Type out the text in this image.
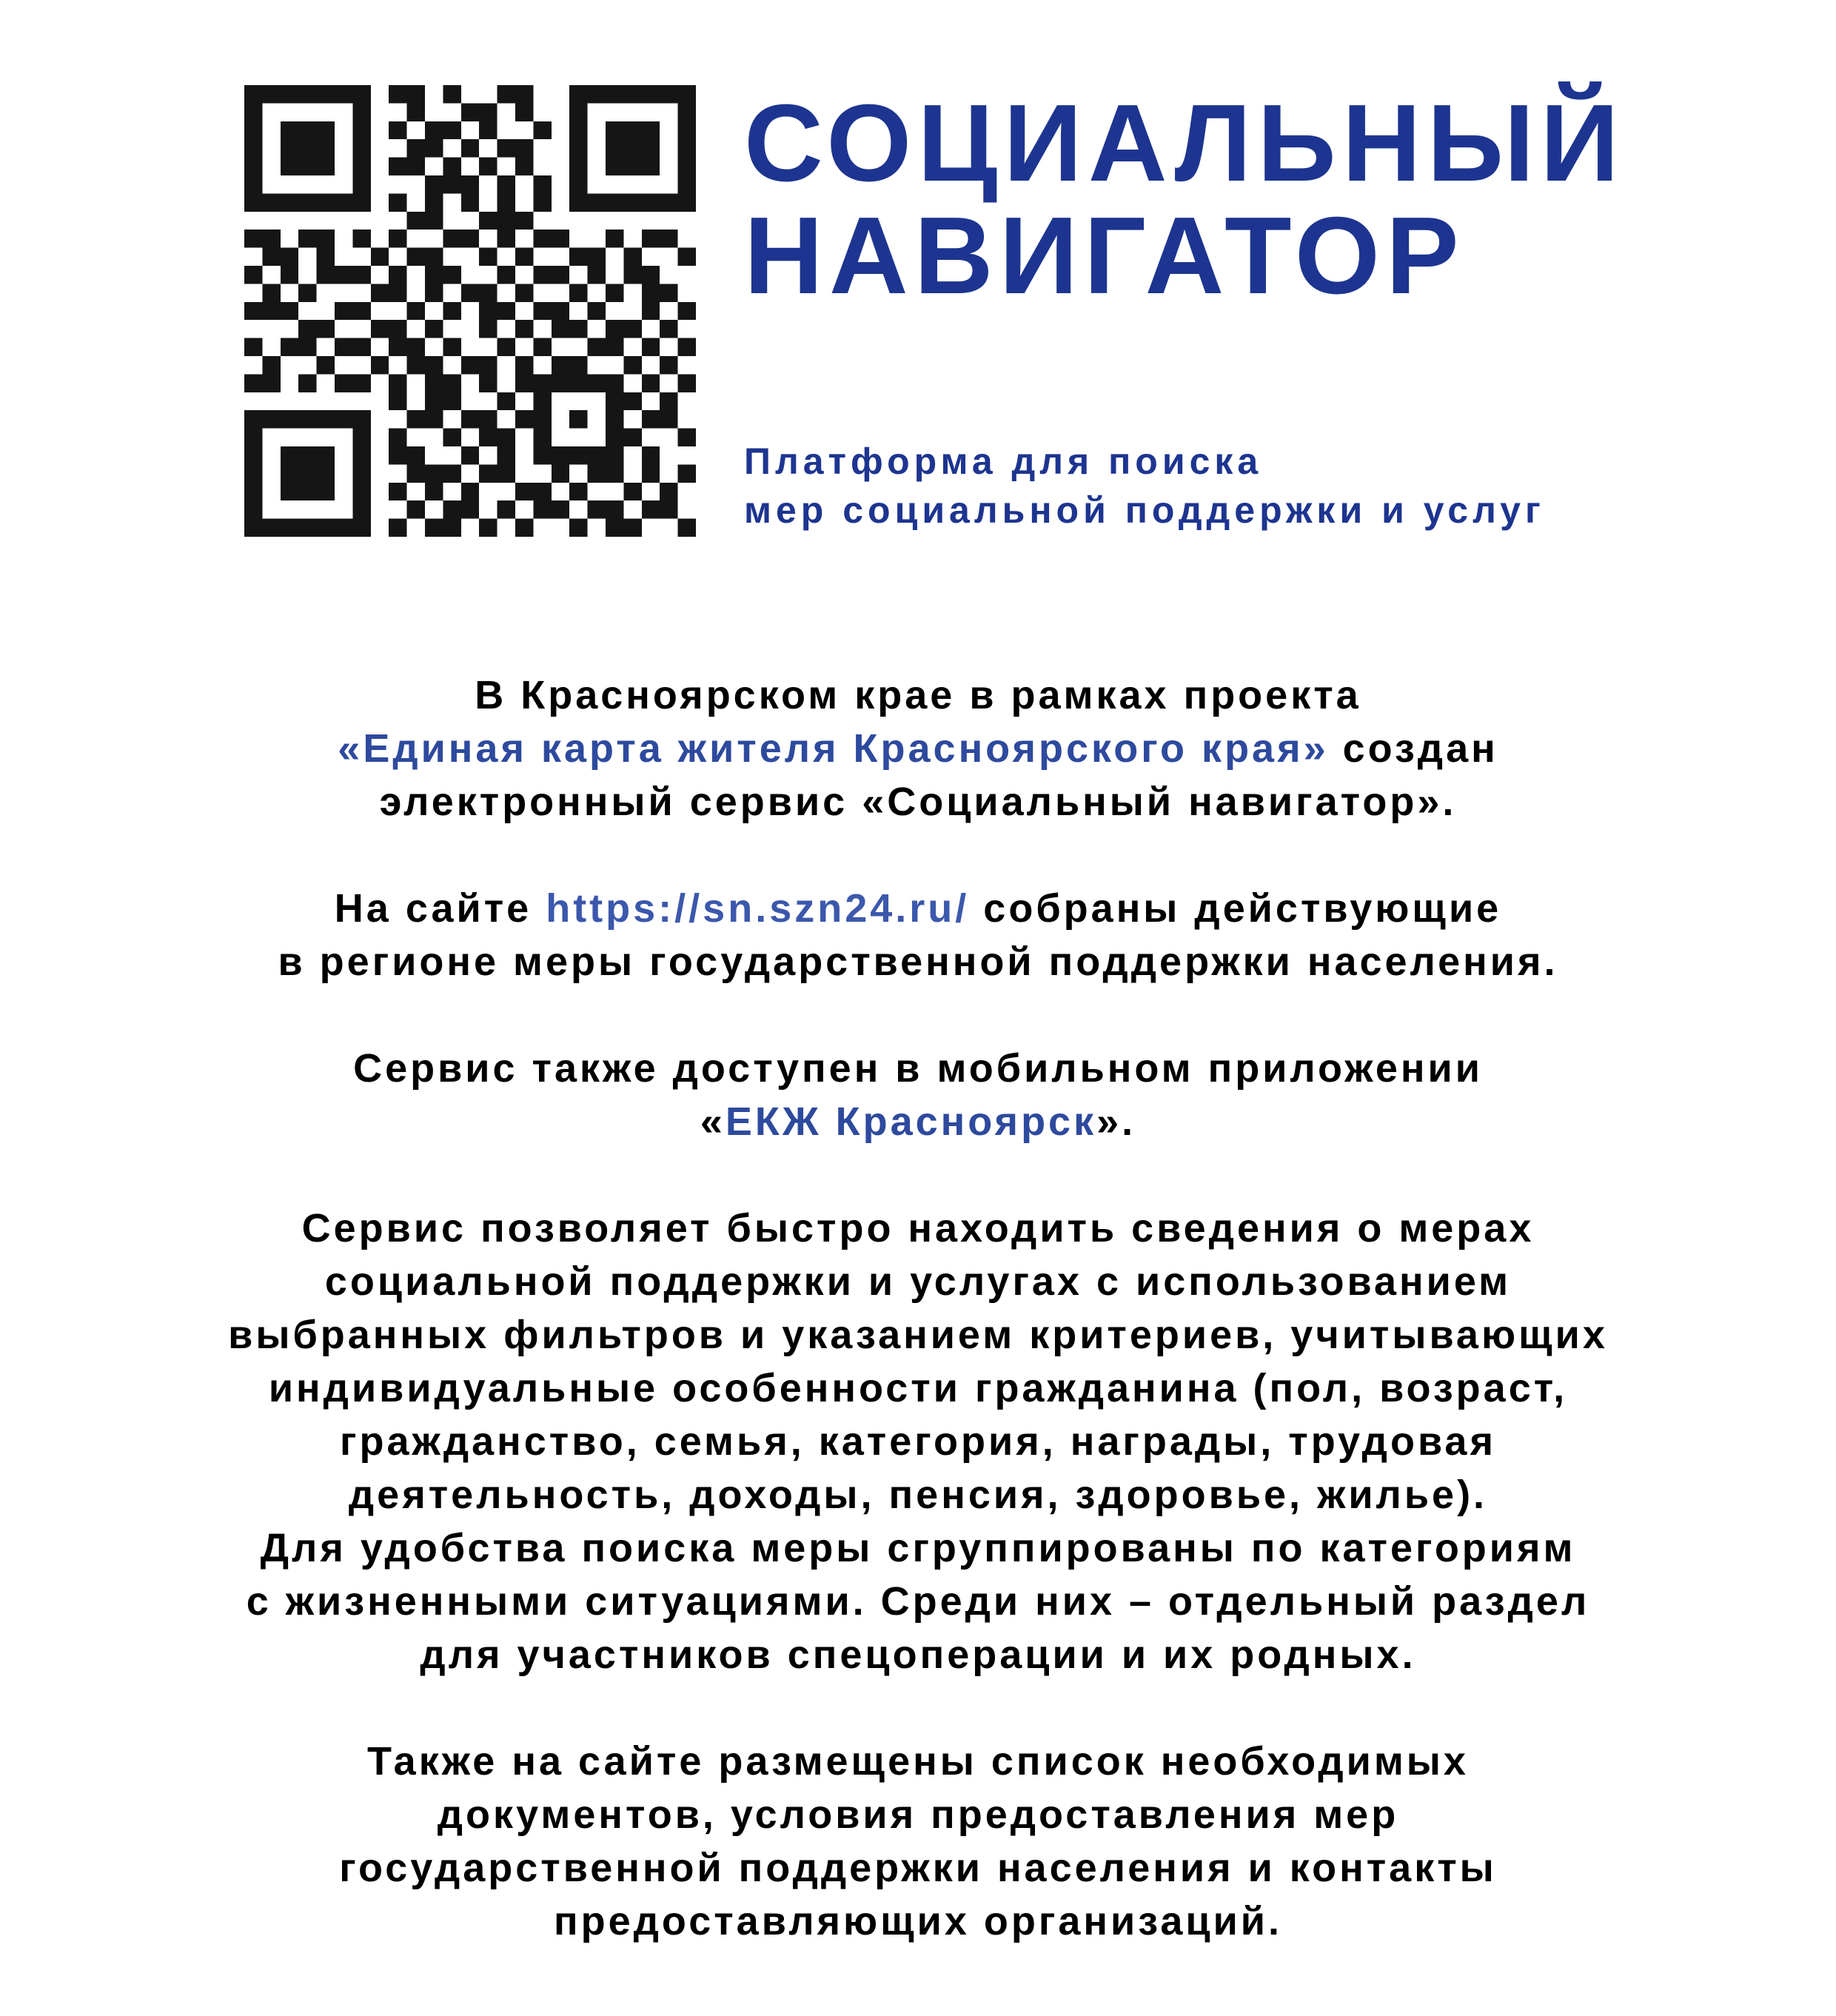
СОЦИАЛЬНЫЙ
НАВИГАТОР
Платформа для поиска
мер социальной поддержки и услуг

В Красноярском крае в рамках проекта
«Единая карта жителя Красноярского края» создан
электронный сервис «Социальный навигатор».

На сайте https://sn.szn24.ru/ собраны действующие
в регионе меры государственной поддержки населения.

Сервис также доступен в мобильном приложении
«ЕКЖ Красноярск».

Сервис позволяет быстро находить сведения о мерах
социальной поддержки и услугах с использованием
выбранных фильтров и указанием критериев, учитывающих
индивидуальные особенности гражданина (пол, возраст,
гражданство, семья, категория, награды, трудовая
деятельность, доходы, пенсия, здоровье, жилье).
Для удобства поиска меры сгруппированы по категориям
с жизненными ситуациями. Среди них – отдельный раздел
для участников спецоперации и их родных.

Также на сайте размещены список необходимых
документов, условия предоставления мер
государственной поддержки населения и контакты
предоставляющих организаций.
